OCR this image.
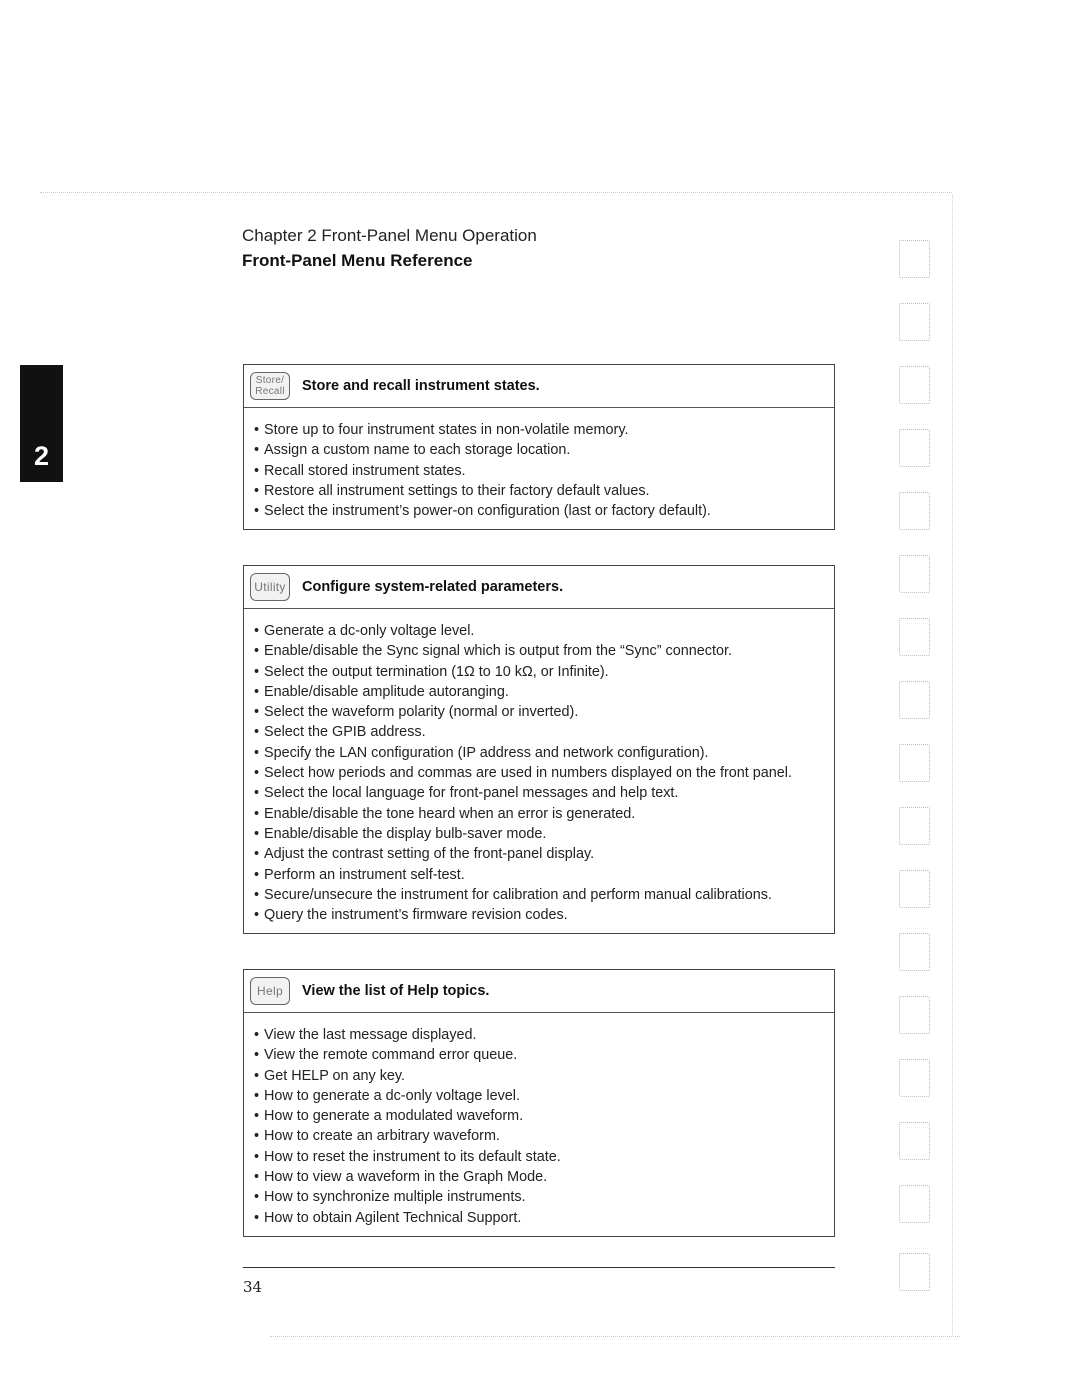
2
Chapter 2 Front-Panel Menu Operation
Front-Panel Menu Reference
Store/
Recall Store and recall instrument states.
• Store up to four instrument states in non-volatile memory.
• Assign a custom name to each storage location.
• Recall stored instrument states.
• Restore all instrument settings to their factory default values.
• Select the instrument’s power-on configuration (last or factory default).
Utility Configure system-related parameters.
• Generate a dc-only voltage level.
• Enable/disable the Sync signal which is output from the “Sync” connector.
• Select the output termination (1Ω to 10 kΩ, or Infinite).
• Enable/disable amplitude autoranging.
• Select the waveform polarity (normal or inverted).
• Select the GPIB address.
• Specify the LAN configuration (IP address and network configuration).
• Select how periods and commas are used in numbers displayed on the front panel.
• Select the local language for front-panel messages and help text.
• Enable/disable the tone heard when an error is generated.
• Enable/disable the display bulb-saver mode.
• Adjust the contrast setting of the front-panel display.
• Perform an instrument self-test.
• Secure/unsecure the instrument for calibration and perform manual calibrations.
• Query the instrument’s firmware revision codes.
Help View the list of Help topics.
• View the last message displayed.
• View the remote command error queue.
• Get HELP on any key.
• How to generate a dc-only voltage level.
• How to generate a modulated waveform.
• How to create an arbitrary waveform.
• How to reset the instrument to its default state.
• How to view a waveform in the Graph Mode.
• How to synchronize multiple instruments.
• How to obtain Agilent Technical Support.
34
